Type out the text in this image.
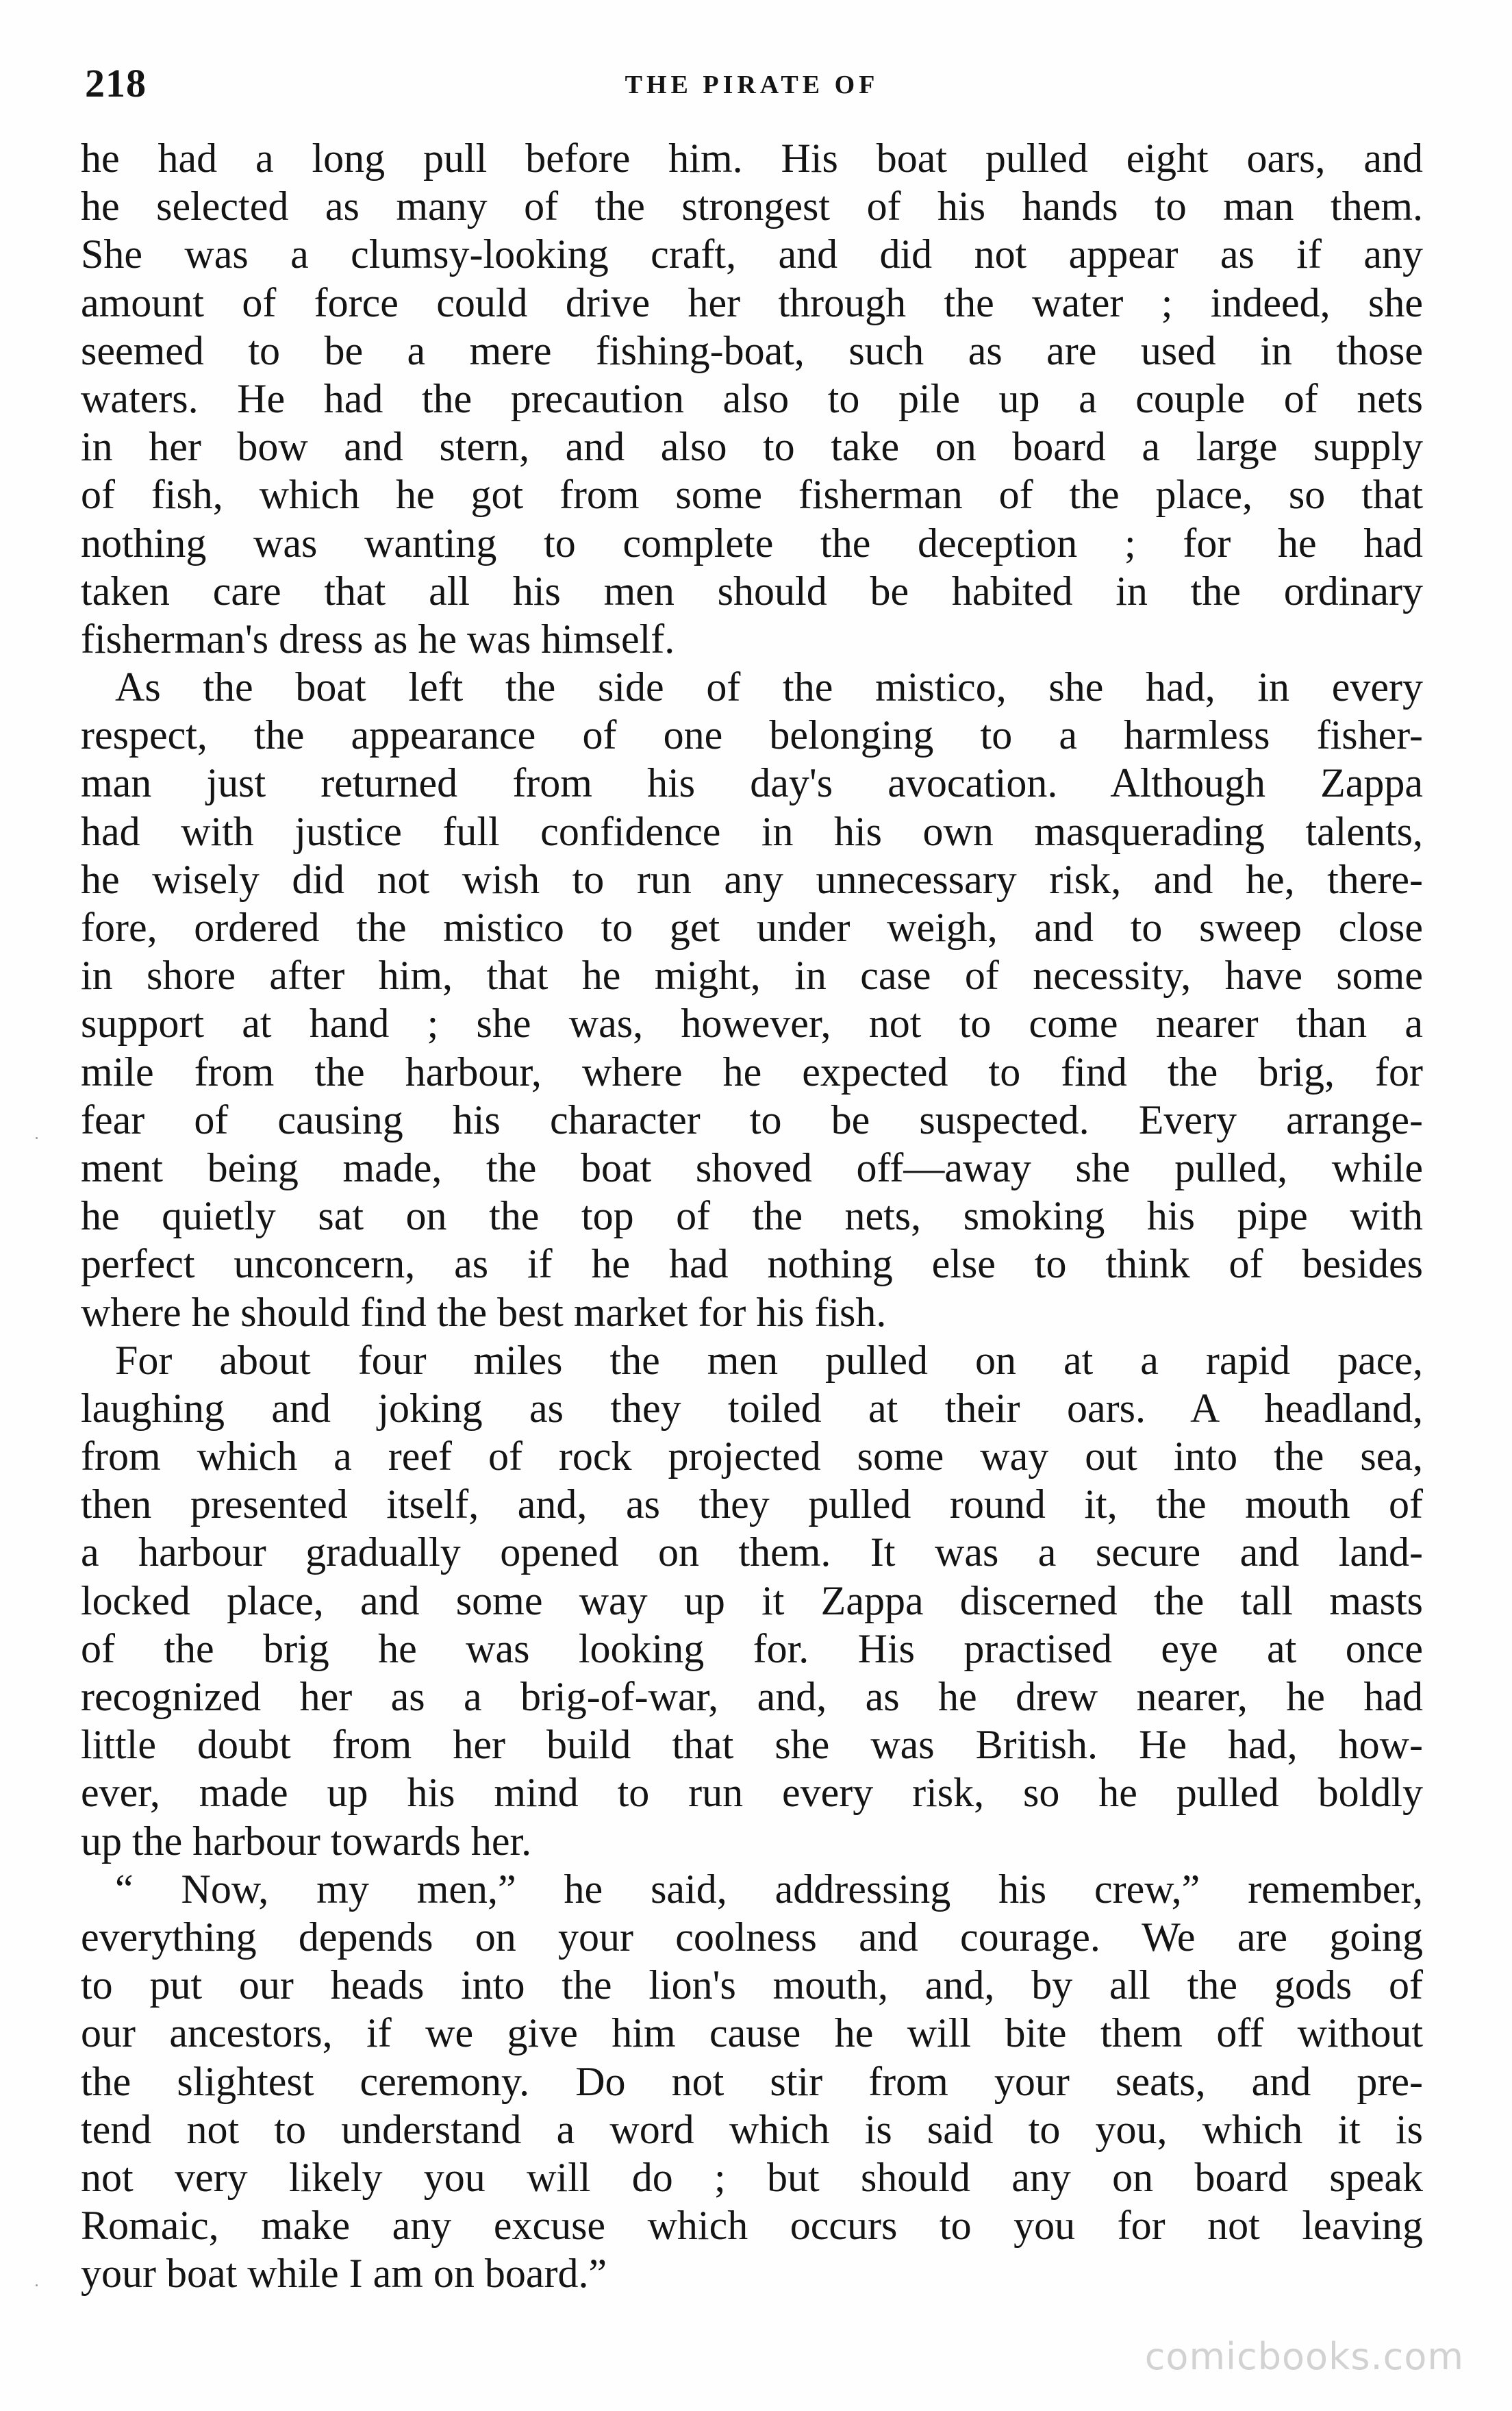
218	THE PIRATE OF
he had a long pull before him. His boat pulled eight oars, and
he selected as many of the strongest of his hands to man them.
She was a clumsy-looking craft, and did not appear as if any
amount of force could drive her through the water ; indeed, she
seemed to be a mere fishing-boat, such as are used in those
waters. He had the precaution also to pile up a couple of nets
in her bow and stern, and also to take on board a large supply
of fish, which he got from some fisherman of the place, so that
nothing was wanting to complete the deception ; for he had
taken care that all his men should be habited in the ordinary
fisherman's dress as he was himself.
As the boat left the side of the mistico, she had, in every
respect, the appearance of one belonging to a harmless fisher-
man just returned from his day's avocation. Although Zappa
had with justice full confidence in his own masquerading talents,
he wisely did not wish to run any unnecessary risk, and he, there-
fore, ordered the mistico to get under weigh, and to sweep close
in shore after him, that he might, in case of necessity, have some
support at hand ; she was, however, not to come nearer than a
mile from the harbour, where he expected to find the brig, for
fear of causing his character to be suspected. Every arrange-
ment being made, the boat shoved off—away she pulled, while
he quietly sat on the top of the nets, smoking his pipe with
perfect unconcern, as if he had nothing else to think of besides
where he should find the best market for his fish.
For about four miles the men pulled on at a rapid pace,
laughing and joking as they toiled at their oars. A headland,
from which a reef of rock projected some way out into the sea,
then presented itself, and, as they pulled round it, the mouth of
a harbour gradually opened on them. It was a secure and land-
locked place, and some way up it Zappa discerned the tall masts
of the brig he was looking for. His practised eye at once
recognized her as a brig-of-war, and, as he drew nearer, he had
little doubt from her build that she was British. He had, how-
ever, made up his mind to run every risk, so he pulled boldly
up the harbour towards her.
“ Now, my men,” he said, addressing his crew,” remember,
everything depends on your coolness and courage. We are going
to put our heads into the lion's mouth, and, by all the gods of
our ancestors, if we give him cause he will bite them off without
the slightest ceremony. Do not stir from your seats, and pre-
tend not to understand a word which is said to you, which it is
not very likely you will do ; but should any on board speak
Romaic, make any excuse which occurs to you for not leaving
your boat while I am on board.”
comicbooks.com
